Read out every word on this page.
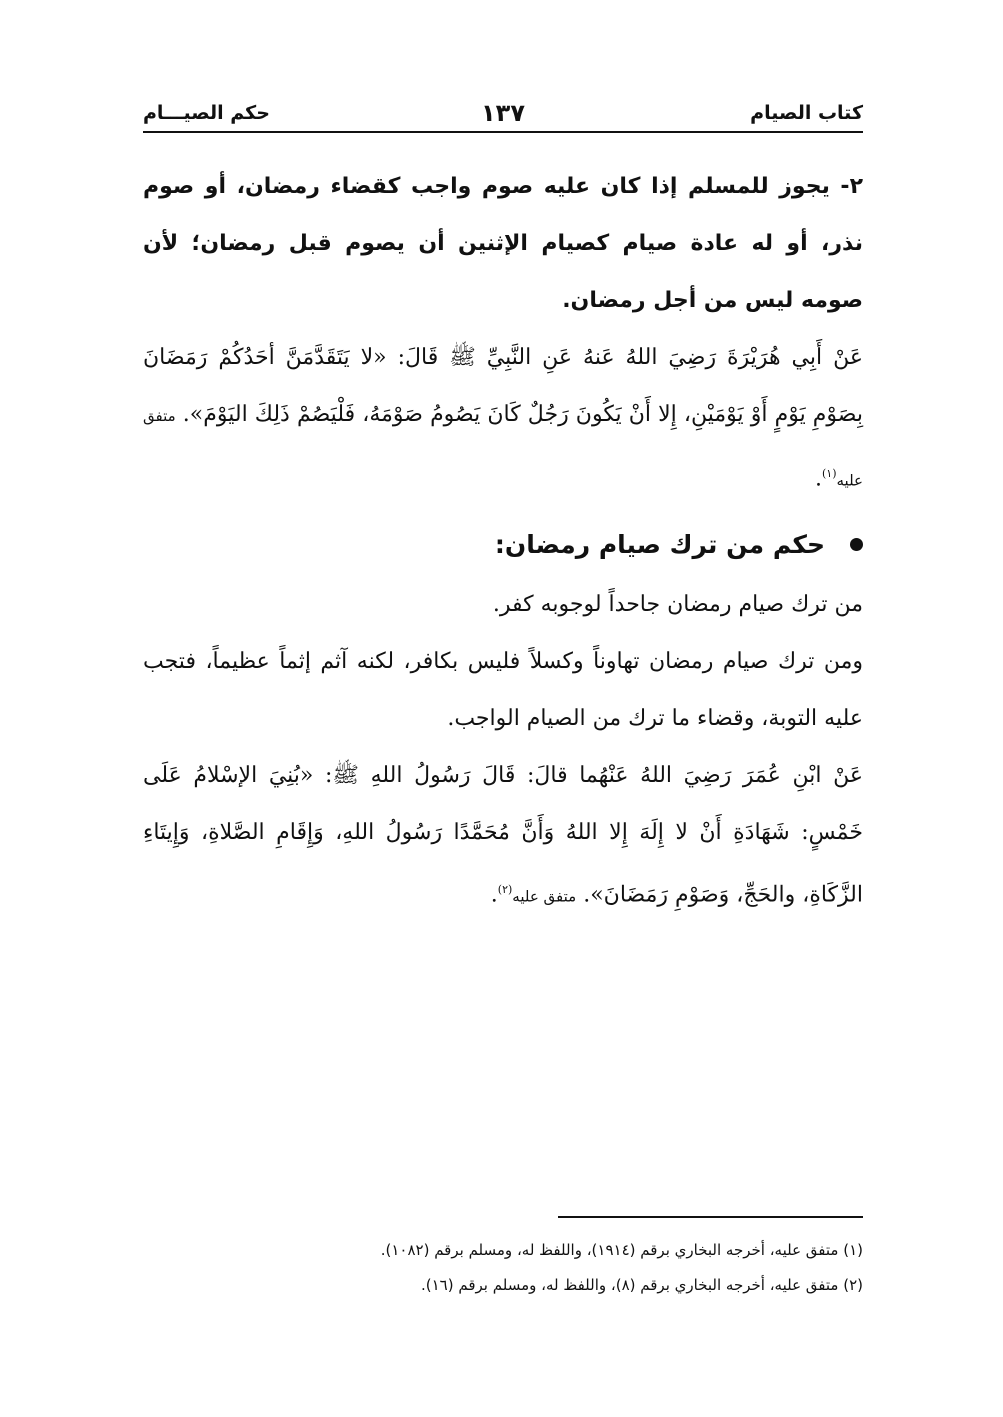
كتاب الصيام
١٣٧
حكم الصيـــام

٢- يجوز للمسلم إذا كان عليه صوم واجب كقضاء رمضان، أو صوم نذر، أو له عادة صيام كصيام الإثنين أن يصوم قبل رمضان؛ لأن صومه ليس من أجل رمضان.

عَنْ أَبِي هُرَيْرَةَ رَضِيَ اللهُ عَنهُ عَنِ النَّبِيِّ ﷺ قَالَ: «لا يَتَقَدَّمَنَّ أحَدُكُمْ رَمَضَانَ بِصَوْمِ يَوْمٍ أَوْ يَوْمَيْنِ، إِلا أَنْ يَكُونَ رَجُلٌ كَانَ يَصُومُ صَوْمَهُ، فَلْيَصُمْ ذَلِكَ اليَوْمَ». متفق عليه$^{(١)}$.

حكم من ترك صيام رمضان:

من ترك صيام رمضان جاحداً لوجوبه كفر.

ومن ترك صيام رمضان تهاوناً وكسلاً فليس بكافر، لكنه آثم إثماً عظيماً، فتجب عليه التوبة، وقضاء ما ترك من الصيام الواجب.

عَنْ ابْنِ عُمَرَ رَضِيَ اللهُ عَنْهُما قالَ: قَالَ رَسُولُ اللهِ ﷺ: «بُنِيَ الإسْلامُ عَلَى خَمْسٍ: شَهَادَةِ أَنْ لا إِلَهَ إِلا اللهُ وَأَنَّ مُحَمَّدًا رَسُولُ اللهِ، وَإِقَامِ الصَّلاةِ، وَإِيتَاءِ الزَّكَاةِ، والحَجِّ، وَصَوْمِ رَمَضَانَ». متفق عليه$^{(٢)}$.

(١) متفق عليه، أخرجه البخاري برقم (١٩١٤)، واللفظ له، ومسلم برقم (١٠٨٢).

(٢) متفق عليه، أخرجه البخاري برقم (٨)، واللفظ له، ومسلم برقم (١٦).
